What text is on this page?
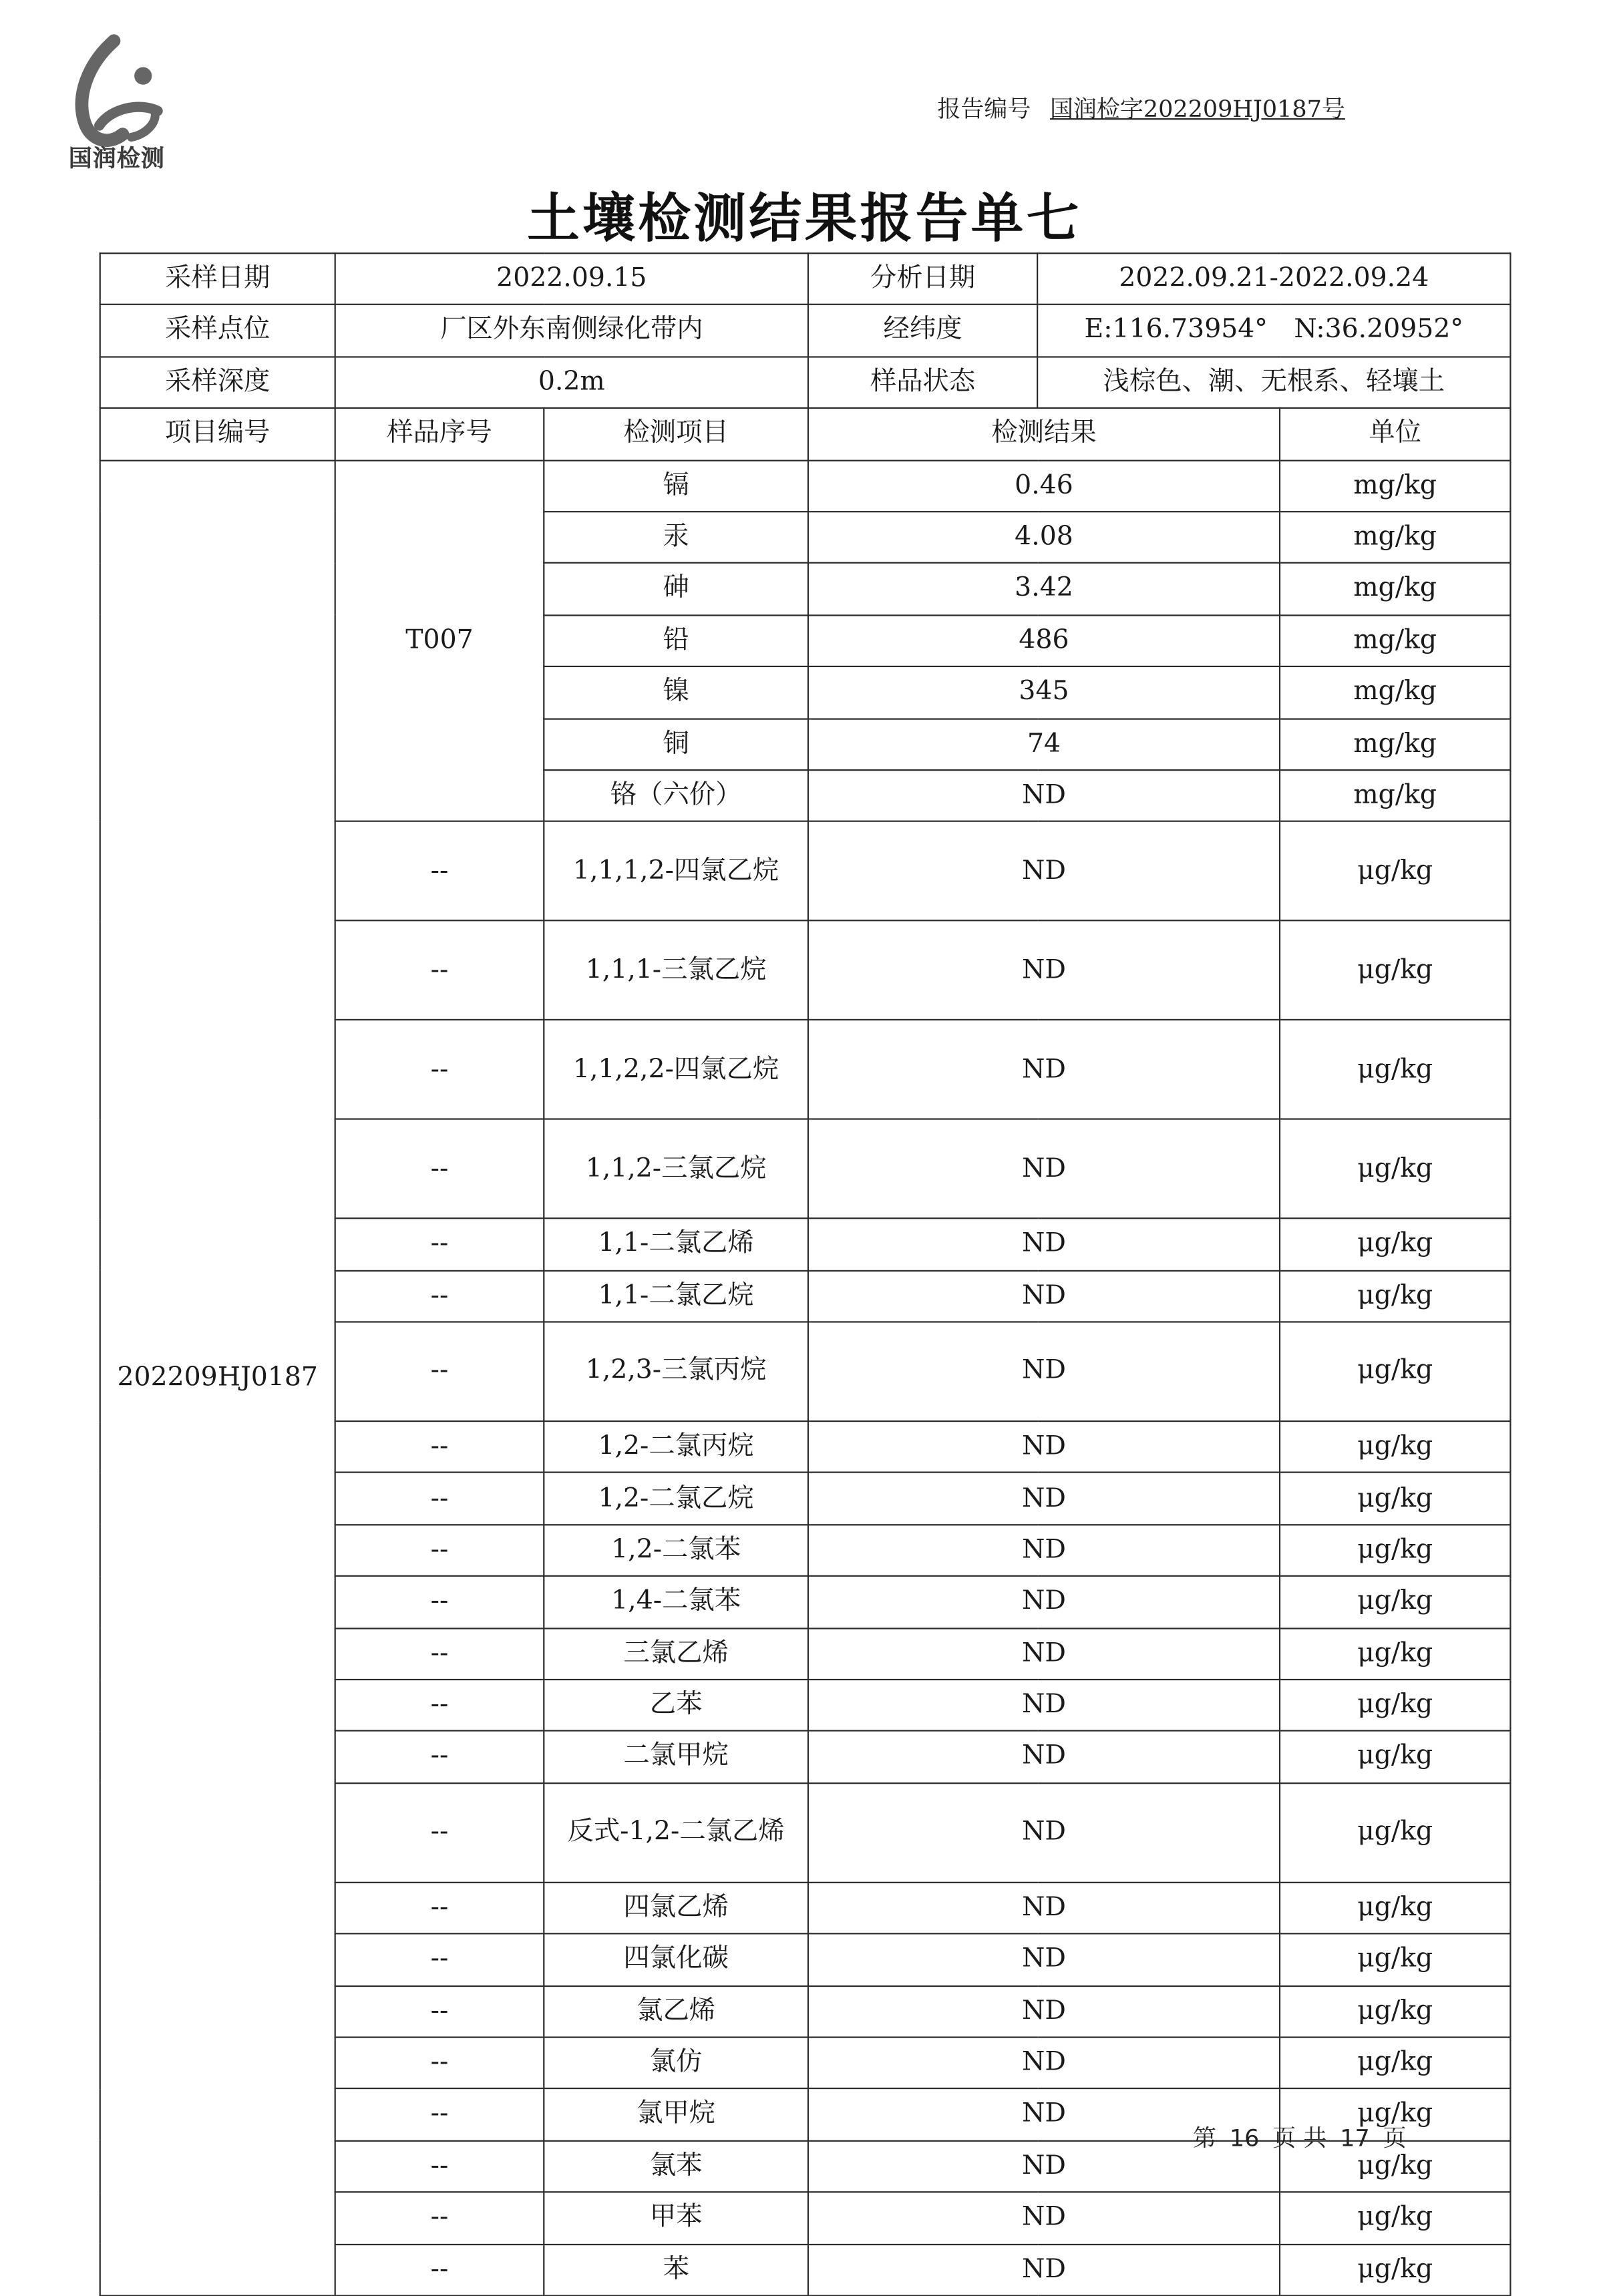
国润检测
报告编号 国润检字202209HJ0187号
土壤检测结果报告单七
采样日期	2022.09.15		分析日期	2022.09.21-2022.09.24	
采样点位	厂区外东南侧绿化带内		经纬度	E:116.73954°　N:36.20952°	
采样深度	0.2m		样品状态	浅棕色、潮、无根系、轻壤土	
项目编号	样品序号	检测项目	检测结果		单位
202209HJ0187	T007	镉	0.46		mg/kg
		汞	4.08		mg/kg
		砷	3.42		mg/kg
		铅	486		mg/kg
		镍	345		mg/kg
		铜	74		mg/kg
		铬（六价）	ND		mg/kg
	--	1,1,1,2-四氯乙烷	ND		μg/kg
	--	1,1,1-三氯乙烷	ND		μg/kg
	--	1,1,2,2-四氯乙烷	ND		μg/kg
	--	1,1,2-三氯乙烷	ND		μg/kg
	--	1,1-二氯乙烯	ND		μg/kg
	--	1,1-二氯乙烷	ND		μg/kg
	--	1,2,3-三氯丙烷	ND		μg/kg
	--	1,2-二氯丙烷	ND		μg/kg
	--	1,2-二氯乙烷	ND		μg/kg
	--	1,2-二氯苯	ND		μg/kg
	--	1,4-二氯苯	ND		μg/kg
	--	三氯乙烯	ND		μg/kg
	--	乙苯	ND		μg/kg
	--	二氯甲烷	ND		μg/kg
	--	反式-1,2-二氯乙烯	ND		μg/kg
	--	四氯乙烯	ND		μg/kg
	--	四氯化碳	ND		μg/kg
	--	氯乙烯	ND		μg/kg
	--	氯仿	ND		μg/kg
	--	氯甲烷	ND		μg/kg
	--	氯苯	ND		μg/kg
	--	甲苯	ND		μg/kg
	--	苯	ND		μg/kg
第 16 页 共 17 页
